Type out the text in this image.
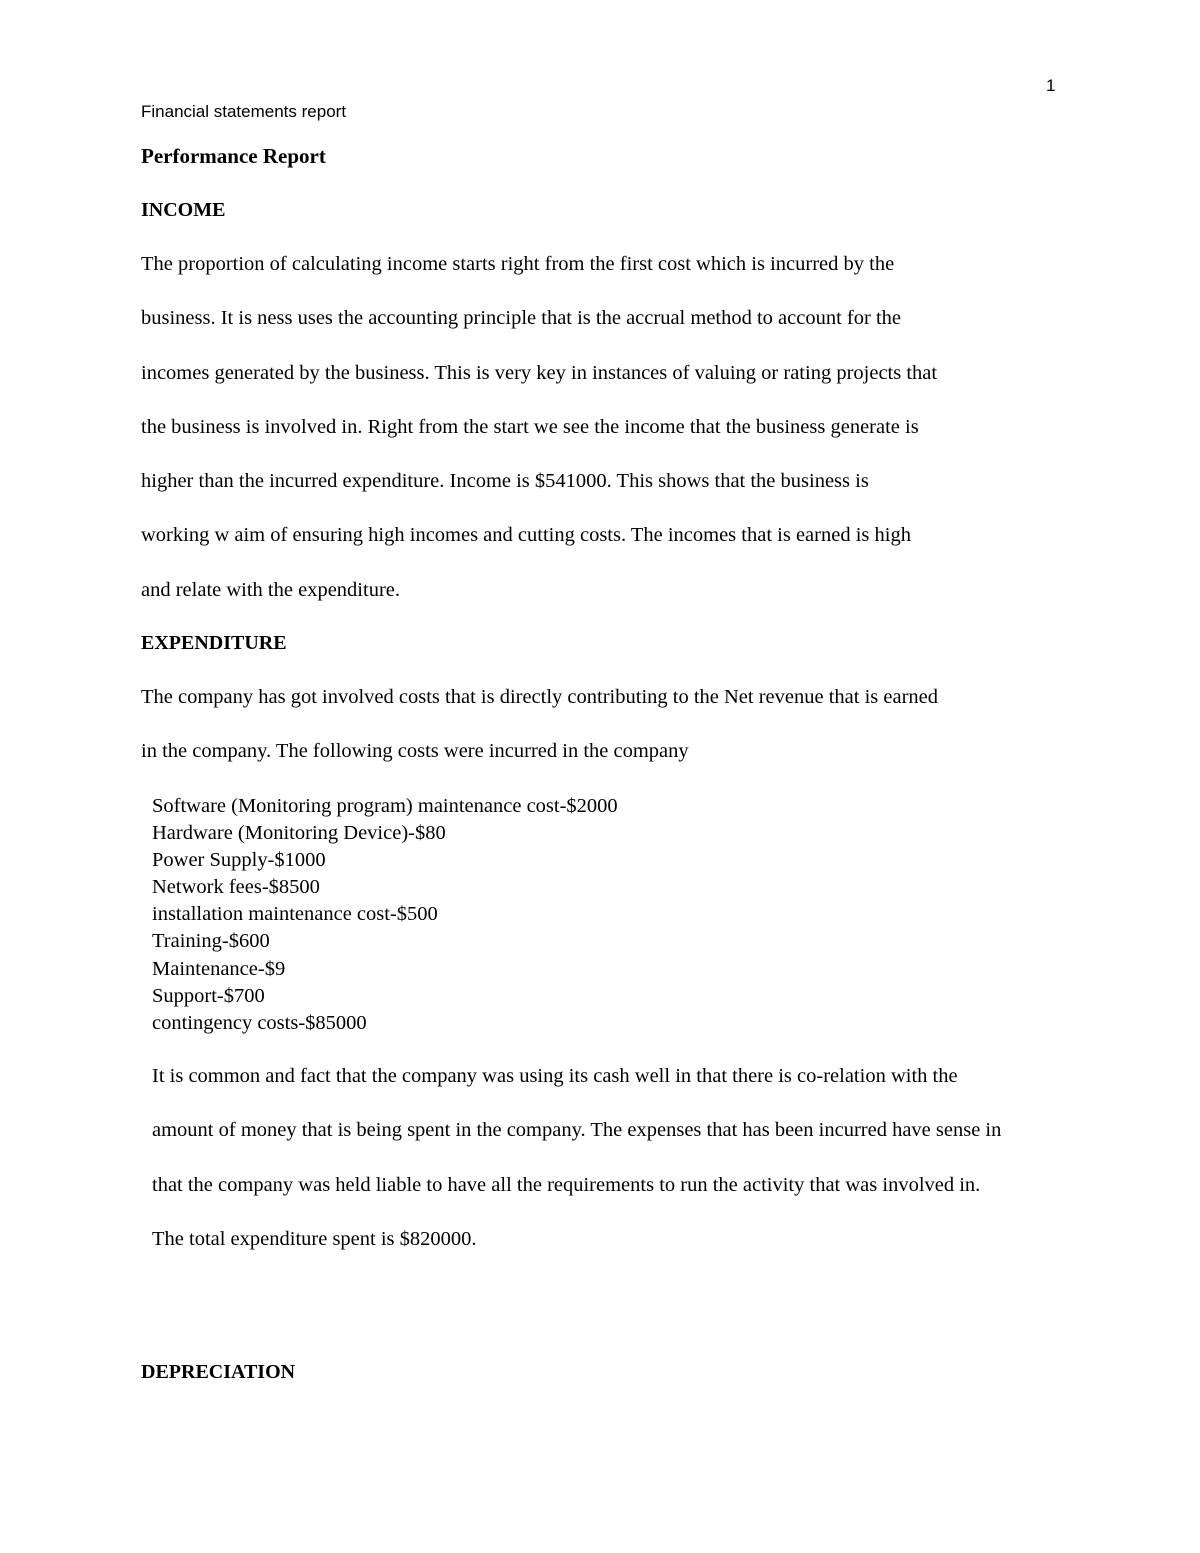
1
Financial statements report
Performance Report
INCOME

The proportion of calculating income starts right from the first cost which is incurred by the
business. It is ness uses the accounting principle that is the accrual method to account for the
incomes generated by the business. This is very key in instances of valuing or rating projects that
the business is involved in. Right from the start we see the income that the business generate is
higher than the incurred expenditure. Income is $541000. This shows that the business is
working w aim of ensuring high incomes and cutting costs. The incomes that is earned is high
and relate with the expenditure.

EXPENDITURE

The company has got involved costs that is directly contributing to the Net revenue that is earned
in the company. The following costs were incurred in the company

Software (Monitoring program) maintenance cost-$2000
Hardware (Monitoring Device)-$80
Power Supply-$1000
Network fees-$8500
installation maintenance cost-$500
Training-$600
Maintenance-$9
Support-$700
contingency costs-$85000

It is common and fact that the company was using its cash well in that there is co-relation with the
amount of money that is being spent in the company. The expenses that has been incurred have sense in
that the company was held liable to have all the requirements to run the activity that was involved in.
The total expenditure spent is $820000.

DEPRECIATION
